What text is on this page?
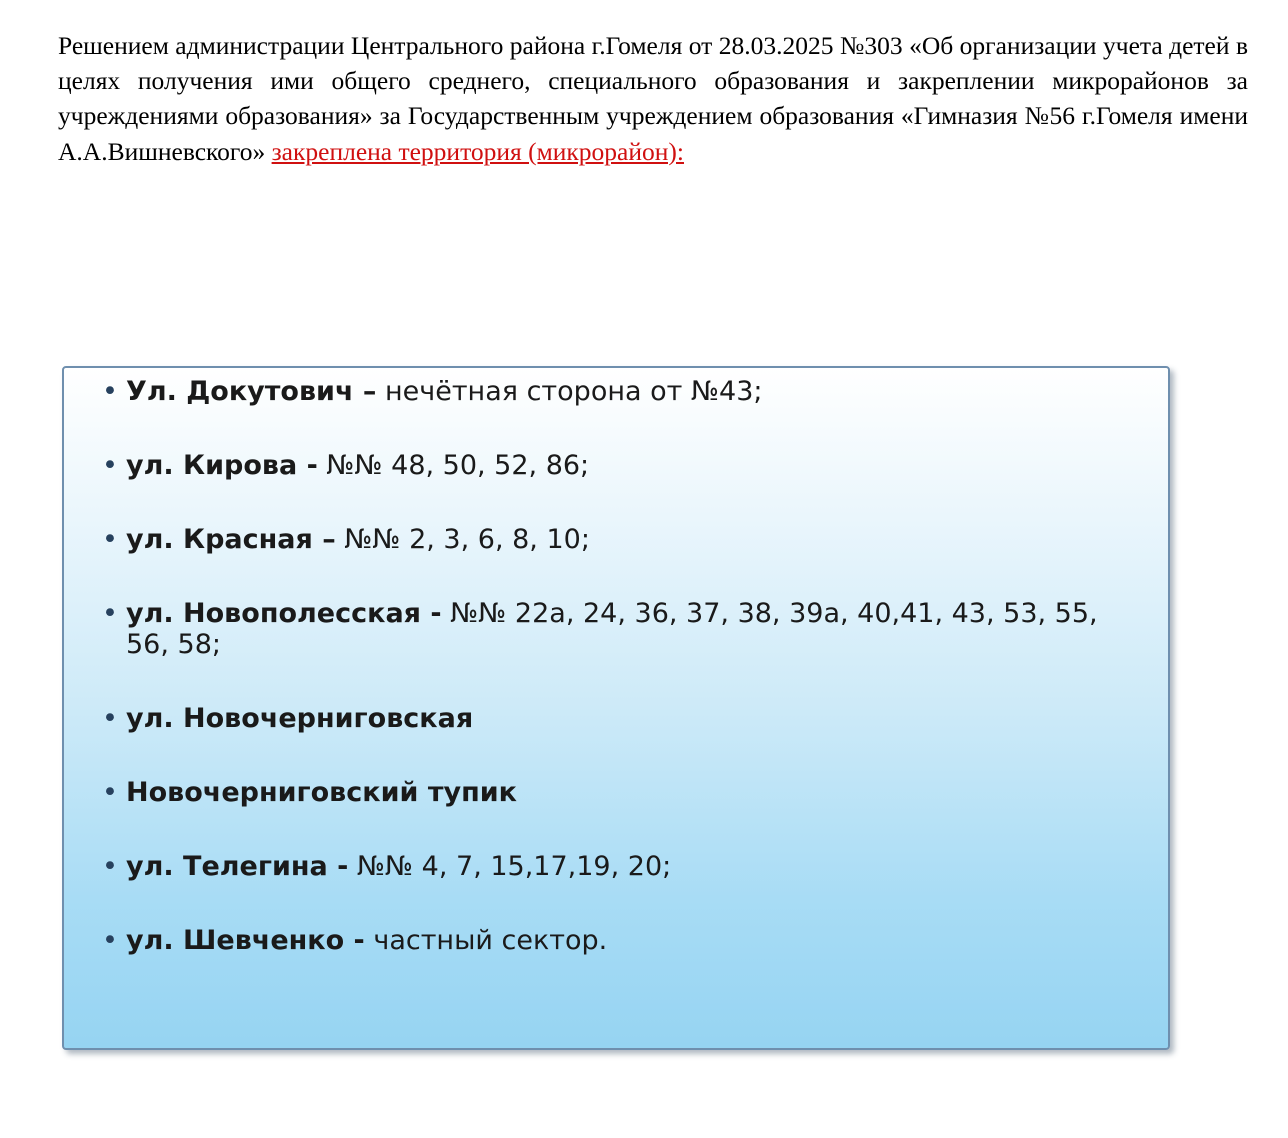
Решением администрации Центрального района г.Гомеля от 28.03.2025 №303 «Об организации учета детей в целях получения ими общего среднего, специального образования и закреплении микрорайонов за учреждениями образования» за Государственным учреждением образования «Гимназия №56 г.Гомеля имени А.А.Вишневского» закреплена территория (микрорайон):
• Ул. Докутович – нечётная сторона от №43;
• ул. Кирова - №№ 48, 50, 52, 86;
• ул. Красная – №№ 2, 3, 6, 8, 10;
• ул. Новополесская - №№ 22а, 24, 36, 37, 38, 39а, 40,41, 43, 53, 55, 56, 58;
• ул. Новочерниговская
• Новочерниговский тупик
• ул. Телегина - №№ 4, 7, 15,17,19, 20;
• ул. Шевченко - частный сектор.
